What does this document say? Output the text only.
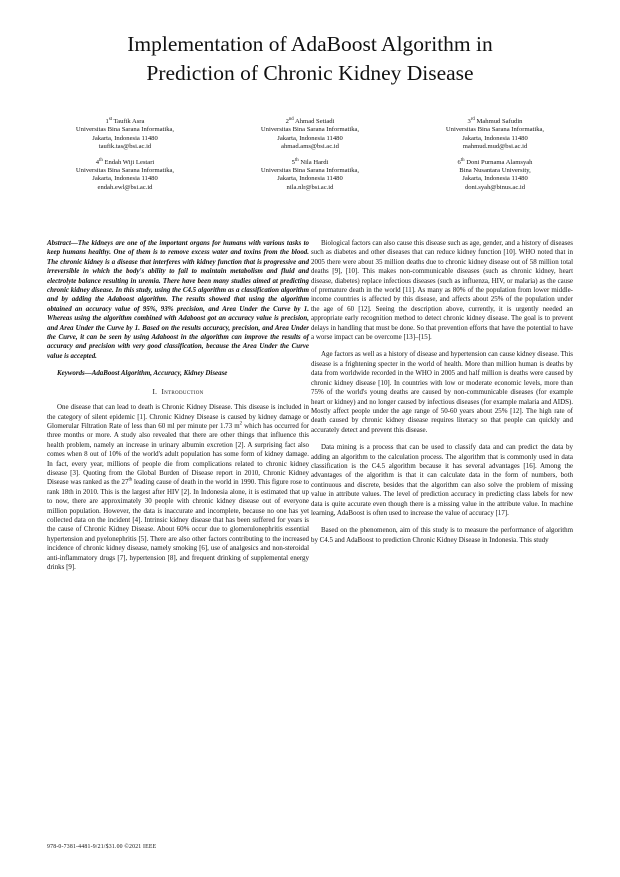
Implementation of AdaBoost Algorithm in
Prediction of Chronic Kidney Disease
1st Taufik Asra
Universitas Bina Sarana Informatika,
Jakarta, Indonesia 11480
taufik.tas@bsi.ac.id
2nd Ahmad Setiadi
Universitas Bina Sarana Informatika,
Jakarta, Indonesia 11480
ahmad.ams@bsi.ac.id
3rd Mahmud Safudin
Universitas Bina Sarana Informatika,
Jakarta, Indonesia 11480
mahmud.mud@bsi.ac.id
4th Endah Wiji Lestari
Universitas Bina Sarana Informatika,
Jakarta, Indonesia 11480
endah.ewl@bsi.ac.id
5th Nila Hardi
Universitas Bina Sarana Informatika,
Jakarta, Indonesia 11480
nila.nlr@bsi.ac.id
6th Doni Purnama Alamsyah
Bina Nusantara University,
Jakarta, Indonesia 11480
doni.syah@binus.ac.id

Abstract—The kidneys are one of the important organs for humans with various tasks to keep humans healthy. One of them is to remove excess water and toxins from the blood. The chronic kidney is a disease that interferes with kidney function that is progressive and irreversible in which the body's ability to fail to maintain metabolism and fluid and electrolyte balance resulting in uremia. There have been many studies aimed at predicting chronic kidney disease. In this study, using the C4.5 algorithm as a classification algorithm and by adding the Adaboost algorithm. The results showed that using the algorithm obtained an accuracy value of 95%, 93% precision, and Area Under the Curve by 1. Whereas using the algorithm combined with Adaboost got an accuracy value is precision, and Area Under the Curve by 1. Based on the results accuracy, precision, and Area Under the Curve, it can be seen by using Adaboost in the algorithm can improve the results of accuracy and precision with very good classification, because the Area Under the Curve value is accepted.

Keywords—AdaBoost Algorithm, Accuracy, Kidney Disease

I. Introduction

One disease that can lead to death is Chronic Kidney Disease. This disease is included in the category of silent epidemic [1]. Chronic Kidney Disease is caused by kidney damage or Glomerular Filtration Rate of less than 60 ml per minute per 1.73 $m^2$ which has occurred for three months or more. A study also revealed that there are other things that influence this health problem, namely an increase in urinary albumin excretion [2]. A surprising fact also comes when 8 out of 10% of the world's adult population has some form of kidney damage. In fact, every year, millions of people die from complications related to chronic kidney disease [3]. Quoting from the Global Burden of Disease report in 2010, Chronic Kidney Disease was ranked as the 27th leading cause of death in the world in 1990. This figure rose to rank 18th in 2010. This is the largest after HIV [2]. In Indonesia alone, it is estimated that up to now, there are approximately 30 people with chronic kidney disease out of everyone million population. However, the data is inaccurate and incomplete, because no one has yet collected data on the incident [4]. Intrinsic kidney disease that has been suffered for years is the cause of Chronic Kidney Disease. About 60% occur due to glomerulonephritis essential hypertension and pyelonephritis [5]. There are also other factors contributing to the increased incidence of chronic kidney disease, namely smoking [6], use of analgesics and non-steroidal anti-inflammatory drugs [7], hypertension [8], and frequent drinking of supplemental energy drinks [9].

Biological factors can also cause this disease such as age, gender, and a history of diseases such as diabetes and other diseases that can reduce kidney function [10]. WHO noted that in 2005 there were about 35 million deaths due to chronic kidney disease out of 58 million total deaths [9], [10]. This makes non-communicable diseases (such as chronic kidney, heart disease, diabetes) replace infectious diseases (such as influenza, HIV, or malaria) as the cause of premature death in the world [11]. As many as 80% of the population from lower middle-income countries is affected by this disease, and affects about 25% of the population under the age of 60 [12]. Seeing the description above, currently, it is urgently needed an appropriate early recognition method to detect chronic kidney disease. The goal is to prevent delays in handling that must be done. So that prevention efforts that have the potential to have a worse impact can be overcome [13]–[15].

Age factors as well as a history of disease and hypertension can cause kidney disease. This disease is a frightening specter in the world of health. More than million human is deaths by data from worldwide recorded in the WHO in 2005 and half million is deaths were caused by chronic kidney disease [10]. In countries with low or moderate economic levels, more than 75% of the world's young deaths are caused by non-communicable diseases (for example heart or kidney) and no longer caused by infectious diseases (for example malaria and AIDS). Mostly affect people under the age range of 50-60 years about 25% [12]. The high rate of death caused by chronic kidney disease requires literacy so that people can quickly and accurately detect and prevent this disease.

Data mining is a process that can be used to classify data and can predict the data by adding an algorithm to the calculation process. The algorithm that is commonly used in data classification is the C4.5 algorithm because it has several advantages [16]. Among the advantages of the algorithm is that it can calculate data in the form of numbers, both continuous and discrete, besides that the algorithm can also solve the problem of missing value in attribute values. The level of prediction accuracy in predicting class labels for new data is quite accurate even though there is a missing value in the attribute value. In machine learning, AdaBoost is often used to increase the value of accuracy [17].

Based on the phenomenon, aim of this study is to measure the performance of algorithm by C4.5 and AdaBoost to prediction Chronic Kidney Disease in Indonesia. This study

978-0-7381-4481-9/21/$31.00 ©2021 IEEE
